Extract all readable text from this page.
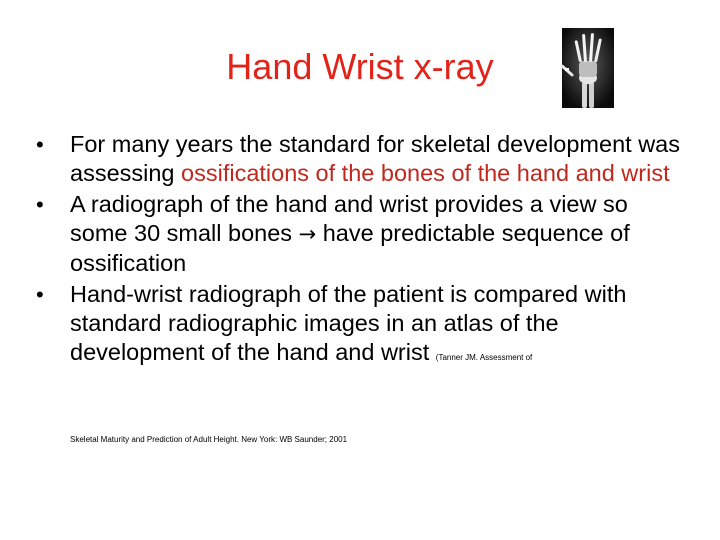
Hand Wrist x-ray
• For many years the standard for skeletal development was assessing ossifications of the bones of the hand and wrist
• A radiograph of the hand and wrist provides a view so some 30 small bones → have predictable sequence of ossification
• Hand-wrist radiograph of the patient is compared with standard radiographic images in an atlas of the development of the hand and wrist (Tanner JM. Assessment of
Skeletal Maturity and Prediction of Adult Height. New York: WB Saunder; 2001
